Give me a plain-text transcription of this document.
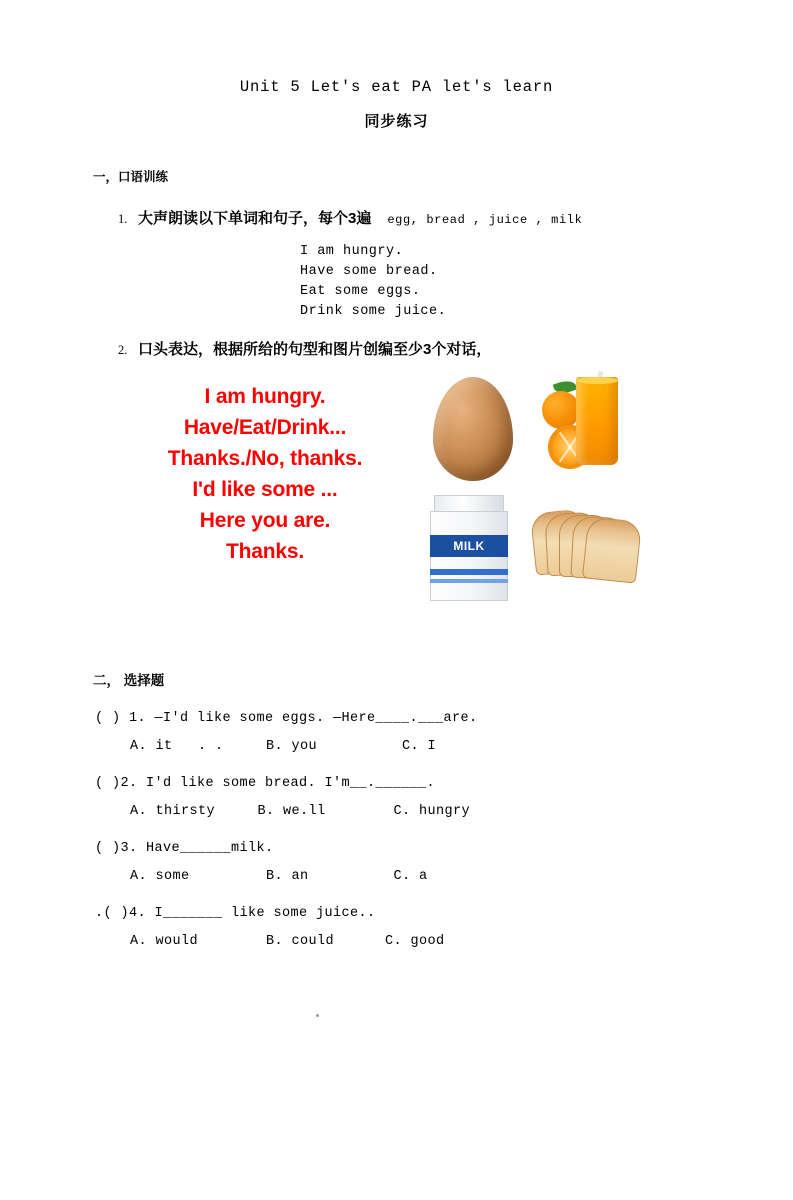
Unit 5 Let's eat PA let's learn
同步练习
一，口语训练
1. 大声朗读以下单词和句子，每个3遍 egg, bread , juice , milk
I am hungry.
Have some bread.
Eat some eggs.
Drink some juice.
2. 口头表达，根据所给的句型和图片创编至少3个对话，
I am hungry.
Have/Eat/Drink...
Thanks./No, thanks.
I'd like some ...
Here you are.
Thanks.	MILK
二， 选择题
( ) 1. —I'd like some eggs. —Here____.___are.
A. it   . .     B. you          C. I
( )2. I'd like some bread. I'm__.______.
A. thirsty     B. we.ll        C. hungry
( )3. Have______milk.
A. some         B. an          C. a
.( )4. I_______ like some juice..
A. would        B. could      C. good
